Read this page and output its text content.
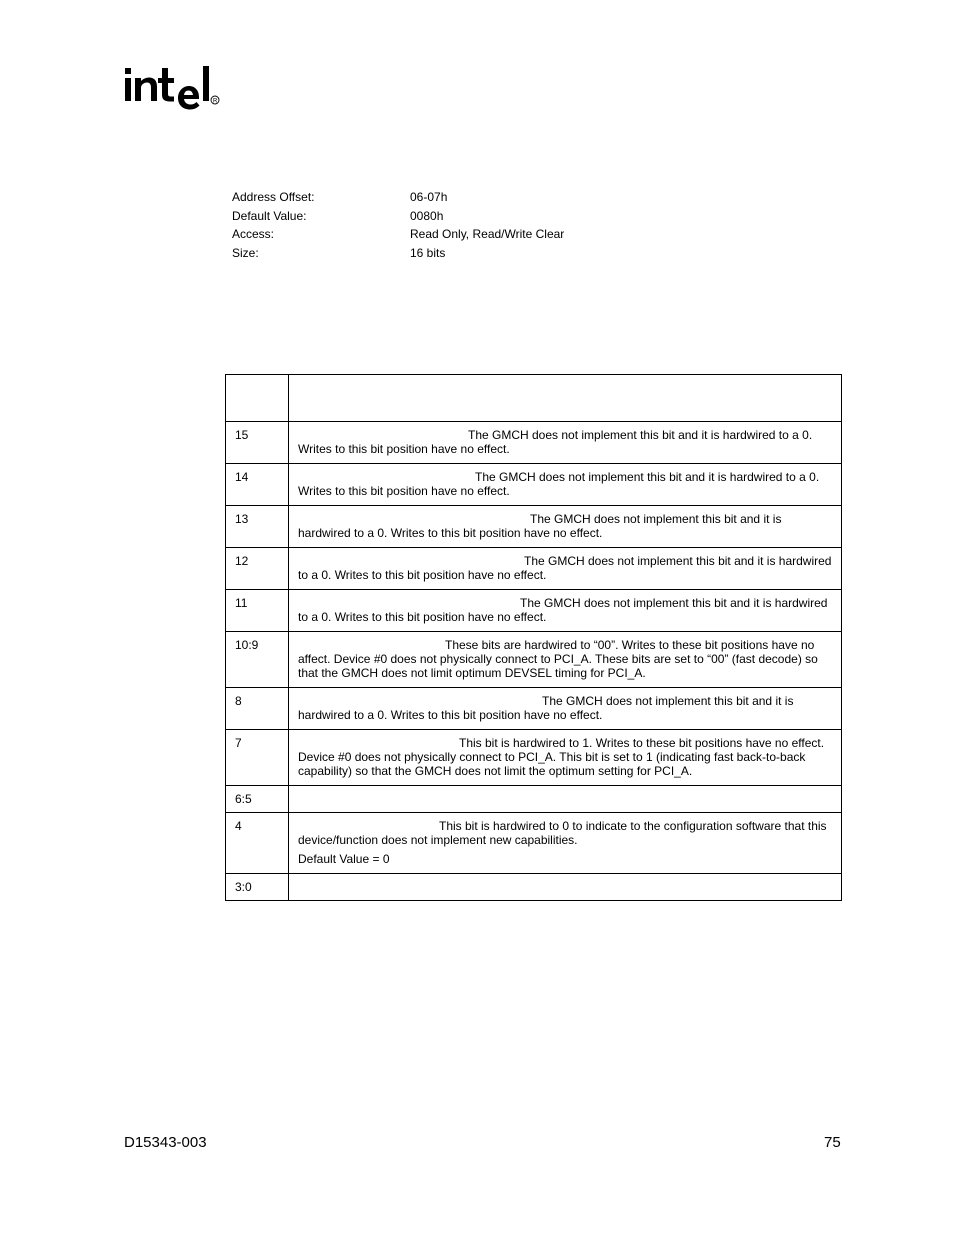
R
Address Offset:	06-07h
Default Value:	0080h
Access:	Read Only, Read/Write Clear
Size:	16 bits

15	The GMCH does not implement this bit and it is hardwired to a 0. Writes to this bit position have no effect.

14	The GMCH does not implement this bit and it is hardwired to a 0. Writes to this bit position have no effect.

13	The GMCH does not implement this bit and it is hardwired to a 0. Writes to this bit position have no effect.

12	The GMCH does not implement this bit and it is hardwired to a 0. Writes to this bit position have no effect.

11	The GMCH does not implement this bit and it is hardwired to a 0. Writes to this bit position have no effect.

10:9	These bits are hardwired to “00”. Writes to these bit positions have no affect. Device #0 does not physically connect to PCI_A. These bits are set to “00” (fast decode) so that the GMCH does not limit optimum DEVSEL timing for PCI_A.

8	The GMCH does not implement this bit and it is hardwired to a 0. Writes to this bit position have no effect.

7	This bit is hardwired to 1. Writes to these bit positions have no effect. Device #0 does not physically connect to PCI_A. This bit is set to 1 (indicating fast back-to-back capability) so that the GMCH does not limit the optimum setting for PCI_A.

6:5	

4	This bit is hardwired to 0 to indicate to the configuration software that this device/function does not implement new capabilities.
Default Value = 0

3:0	
D15343-003	75
